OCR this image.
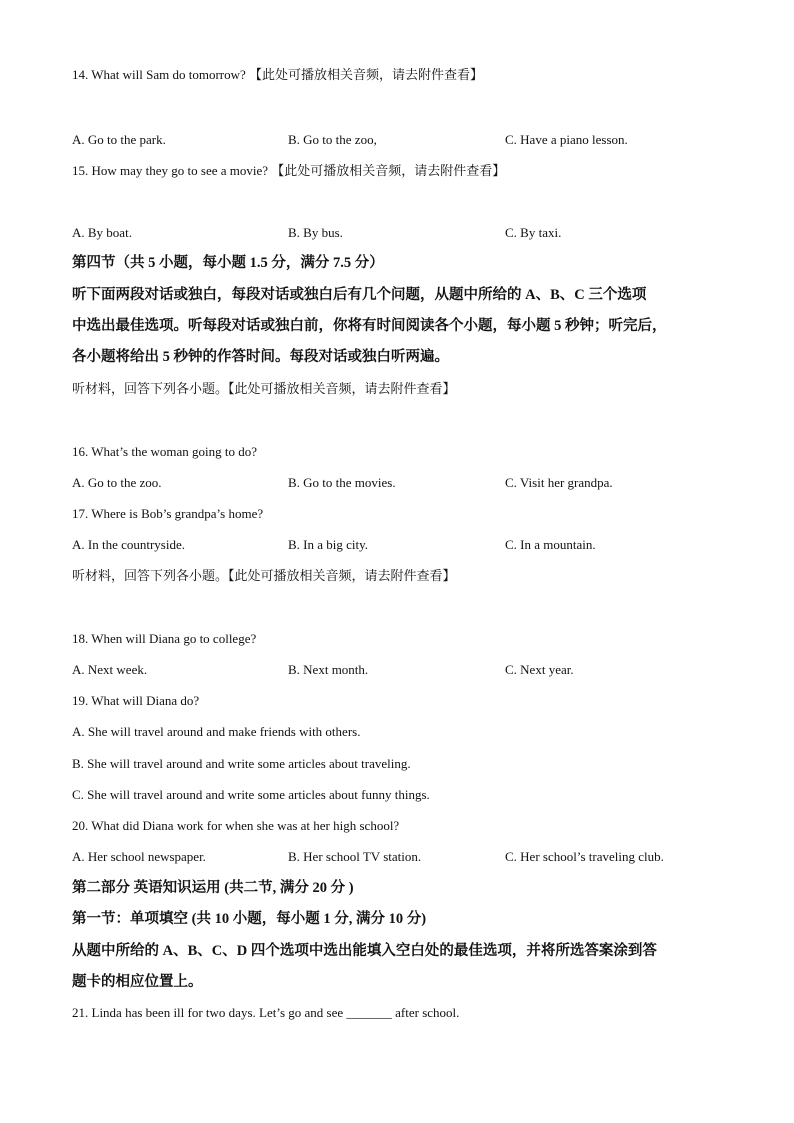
14. What will Sam do tomorrow? 【此处可播放相关音频，请去附件查看】
A. Go to the park.	B. Go to the zoo,	C. Have a piano lesson.
15. How may they go to see a movie? 【此处可播放相关音频，请去附件查看】
A. By boat.	B. By bus.	C. By taxi.
第四节（共 5 小题，每小题 1.5 分，满分 7.5 分）
听下面两段对话或独白，每段对话或独白后有几个问题，从题中所给的 A、B、C 三个选项
中选出最佳选项。听每段对话或独白前，你将有时间阅读各个小题，每小题 5 秒钟；听完后，
各小题将给出 5 秒钟的作答时间。每段对话或独白听两遍。
听材料，回答下列各小题。【此处可播放相关音频，请去附件查看】
16. What’s the woman going to do?
A. Go to the zoo.	B. Go to the movies.	C. Visit her grandpa.
17. Where is Bob’s grandpa’s home?
A. In the countryside.	B. In a big city.	C. In a mountain.
听材料，回答下列各小题。【此处可播放相关音频，请去附件查看】
18. When will Diana go to college?
A. Next week.	B. Next month.	C. Next year.
19. What will Diana do?
A. She will travel around and make friends with others.
B. She will travel around and write some articles about traveling.
C. She will travel around and write some articles about funny things.
20. What did Diana work for when she was at her high school?
A. Her school newspaper.	B. Her school TV station.	C. Her school’s traveling club.
第二部分 英语知识运用 (共二节, 满分 20 分 )
第一节：单项填空 (共 10 小题，每小题 1 分, 满分 10 分)
从题中所给的 A、B、C、D 四个选项中选出能填入空白处的最佳选项，并将所选答案涂到答
题卡的相应位置上。
21. Linda has been ill for two days. Let’s go and see _______ after school.
